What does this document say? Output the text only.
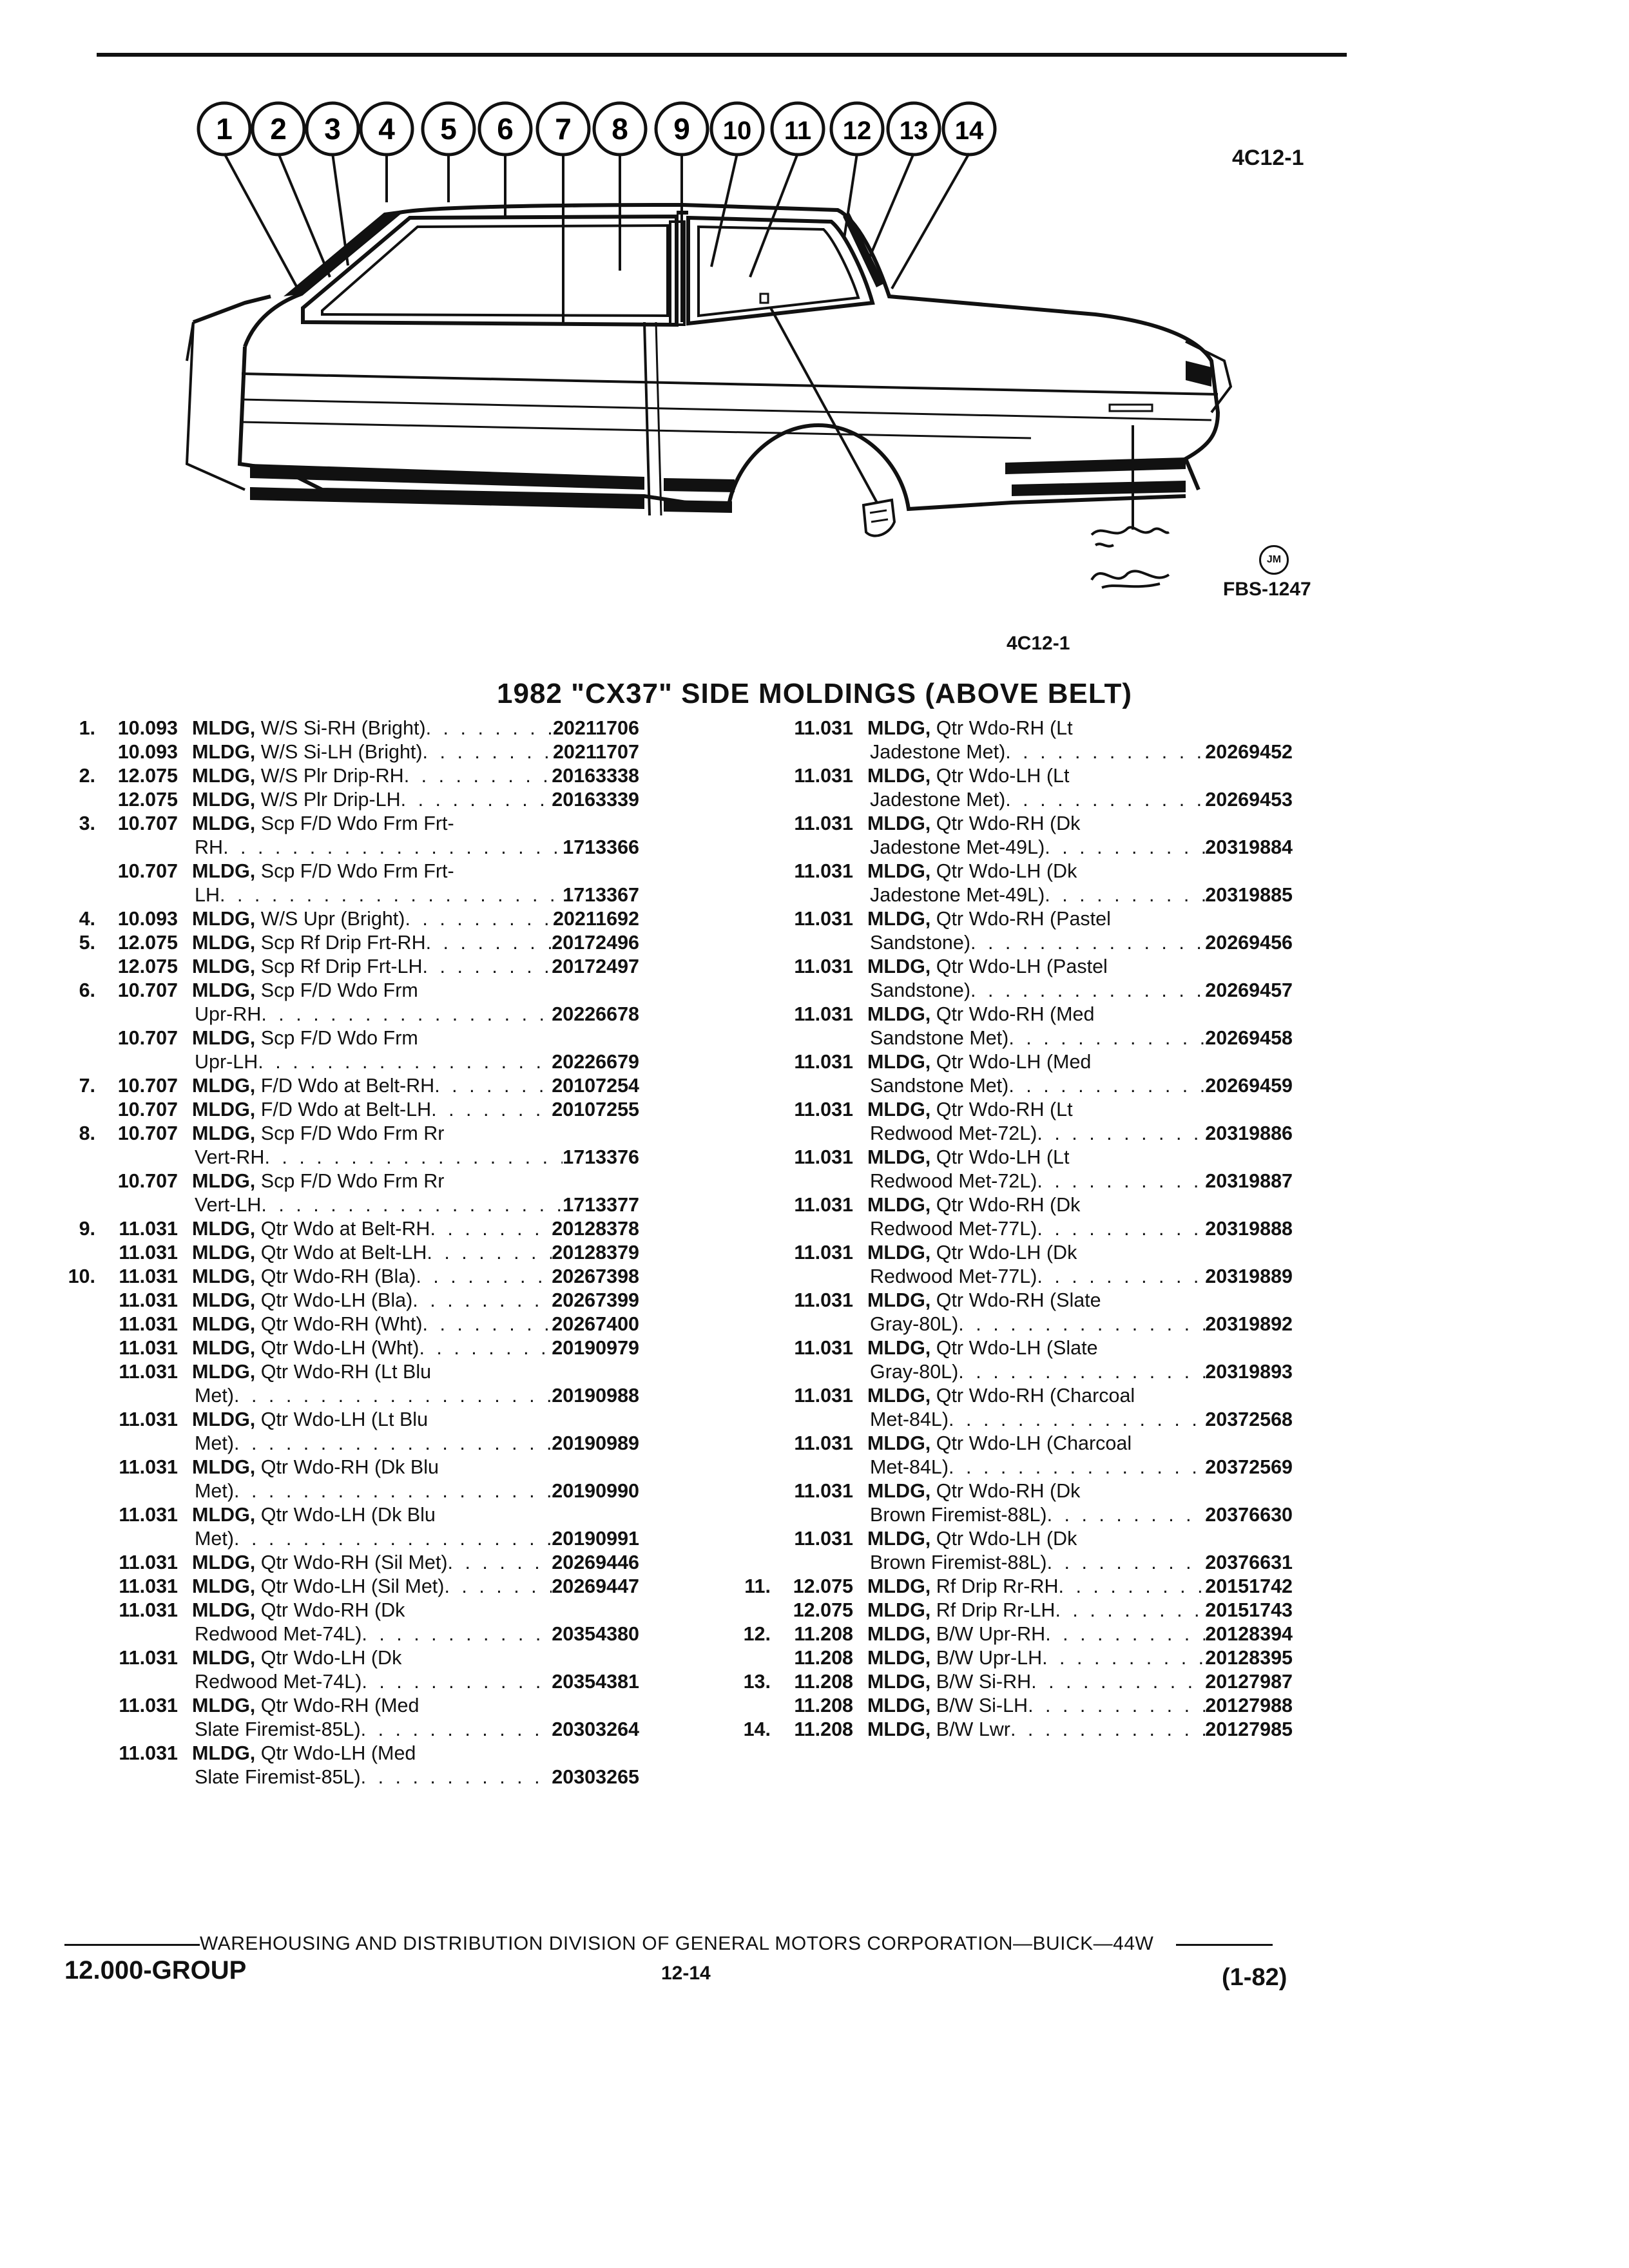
1 2 3 4 5 6 7 8 9 10 11 12 13 14
4C12-1
JM
FBS-1247
4C12-1
1982 "CX37" SIDE MOLDINGS (ABOVE BELT)
1.	10.093 MLDG, W/S Si-RH (Bright) . . .	20211706
10.093 MLDG, W/S Si-LH (Bright) . . .	20211707
2.	12.075 MLDG, W/S Plr Drip-RH . . .	20163338
12.075 MLDG, W/S Plr Drip-LH . . .	20163339
3.	10.707 MLDG, Scp F/D Wdo Frm Frt-
RH . . .	1713366
10.707 MLDG, Scp F/D Wdo Frm Frt-
LH . . .	1713367
4.	10.093 MLDG, W/S Upr (Bright) . . .	20211692
5.	12.075 MLDG, Scp Rf Drip Frt-RH . . .	20172496
12.075 MLDG, Scp Rf Drip Frt-LH . . .	20172497
6.	10.707 MLDG, Scp F/D Wdo Frm
Upr-RH . . .	20226678
10.707 MLDG, Scp F/D Wdo Frm
Upr-LH . . .	20226679
7.	10.707 MLDG, F/D Wdo at Belt-RH . . .	20107254
10.707 MLDG, F/D Wdo at Belt-LH . . .	20107255
8.	10.707 MLDG, Scp F/D Wdo Frm Rr
Vert-RH . . .	1713376
10.707 MLDG, Scp F/D Wdo Frm Rr
Vert-LH . . .	1713377
9.	11.031 MLDG, Qtr Wdo at Belt-RH . . .	20128378
11.031 MLDG, Qtr Wdo at Belt-LH . . .	20128379
10.	11.031 MLDG, Qtr Wdo-RH (Bla) . . .	20267398
11.031 MLDG, Qtr Wdo-LH (Bla) . . .	20267399
11.031 MLDG, Qtr Wdo-RH (Wht) . . .	20267400
11.031 MLDG, Qtr Wdo-LH (Wht) . . .	20190979
11.031 MLDG, Qtr Wdo-RH (Lt Blu
Met) . . .	20190988
11.031 MLDG, Qtr Wdo-LH (Lt Blu
Met) . . .	20190989
11.031 MLDG, Qtr Wdo-RH (Dk Blu
Met) . . .	20190990
11.031 MLDG, Qtr Wdo-LH (Dk Blu
Met) . . .	20190991
11.031 MLDG, Qtr Wdo-RH (Sil Met) . . .	20269446
11.031 MLDG, Qtr Wdo-LH (Sil Met) . . .	20269447
11.031 MLDG, Qtr Wdo-RH (Dk
Redwood Met-74L) . . .	20354380
11.031 MLDG, Qtr Wdo-LH (Dk
Redwood Met-74L) . . .	20354381
11.031 MLDG, Qtr Wdo-RH (Med
Slate Firemist-85L) . . .	20303264
11.031 MLDG, Qtr Wdo-LH (Med
Slate Firemist-85L) . . .	20303265
11.031 MLDG, Qtr Wdo-RH (Lt
Jadestone Met) . . .	20269452
11.031 MLDG, Qtr Wdo-LH (Lt
Jadestone Met) . . .	20269453
11.031 MLDG, Qtr Wdo-RH (Dk
Jadestone Met-49L) . . .	20319884
11.031 MLDG, Qtr Wdo-LH (Dk
Jadestone Met-49L) . . .	20319885
11.031 MLDG, Qtr Wdo-RH (Pastel
Sandstone) . . .	20269456
11.031 MLDG, Qtr Wdo-LH (Pastel
Sandstone) . . .	20269457
11.031 MLDG, Qtr Wdo-RH (Med
Sandstone Met) . . .	20269458
11.031 MLDG, Qtr Wdo-LH (Med
Sandstone Met) . . .	20269459
11.031 MLDG, Qtr Wdo-RH (Lt
Redwood Met-72L) . . .	20319886
11.031 MLDG, Qtr Wdo-LH (Lt
Redwood Met-72L) . . .	20319887
11.031 MLDG, Qtr Wdo-RH (Dk
Redwood Met-77L) . . .	20319888
11.031 MLDG, Qtr Wdo-LH (Dk
Redwood Met-77L) . . .	20319889
11.031 MLDG, Qtr Wdo-RH (Slate
Gray-80L) . . .	20319892
11.031 MLDG, Qtr Wdo-LH (Slate
Gray-80L) . . .	20319893
11.031 MLDG, Qtr Wdo-RH (Charcoal
Met-84L) . . .	20372568
11.031 MLDG, Qtr Wdo-LH (Charcoal
Met-84L) . . .	20372569
11.031 MLDG, Qtr Wdo-RH (Dk
Brown Firemist-88L) . . .	20376630
11.031 MLDG, Qtr Wdo-LH (Dk
Brown Firemist-88L) . . .	20376631
11.	12.075 MLDG, Rf Drip Rr-RH . . .	20151742
12.075 MLDG, Rf Drip Rr-LH . . .	20151743
12.	11.208 MLDG, B/W Upr-RH . . .	20128394
11.208 MLDG, B/W Upr-LH . . .	20128395
13.	11.208 MLDG, B/W Si-RH . . .	20127987
11.208 MLDG, B/W Si-LH . . .	20127988
14.	11.208 MLDG, B/W Lwr . . .	20127985
WAREHOUSING AND DISTRIBUTION DIVISION OF GENERAL MOTORS CORPORATION—BUICK—44W
12.000-GROUP	12-14	(1-82)
